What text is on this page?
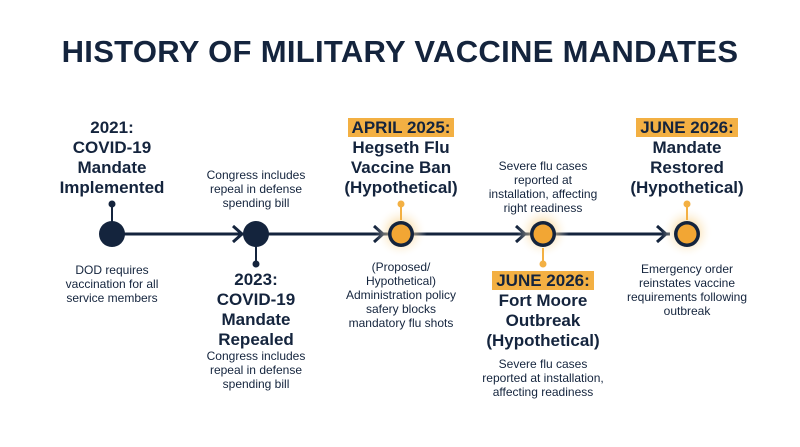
HISTORY OF MILITARY VACCINE MANDATES
2021:
COVID-19
Mandate
Implemented
DOD requires
vaccination for all
service members
Congress includes
repeal in defense
spending bill
2023:
COVID-19
Mandate
Repealed
Congress includes
repeal in defense
spending bill
APRIL 2025:
Hegseth Flu
Vaccine Ban
(Hypothetical)
(Proposed/
Hypothetical)
Administration policy
safery blocks
mandatory flu shots
Severe flu cases
reported at
installation, affecting
right readiness
JUNE 2026:
Fort Moore
Outbreak
(Hypothetical)
Severe flu cases
reported at installation,
affecting readiness
JUNE 2026:
Mandate
Restored
(Hypothetical)
Emergency order
reinstates vaccine
requirements following
outbreak
